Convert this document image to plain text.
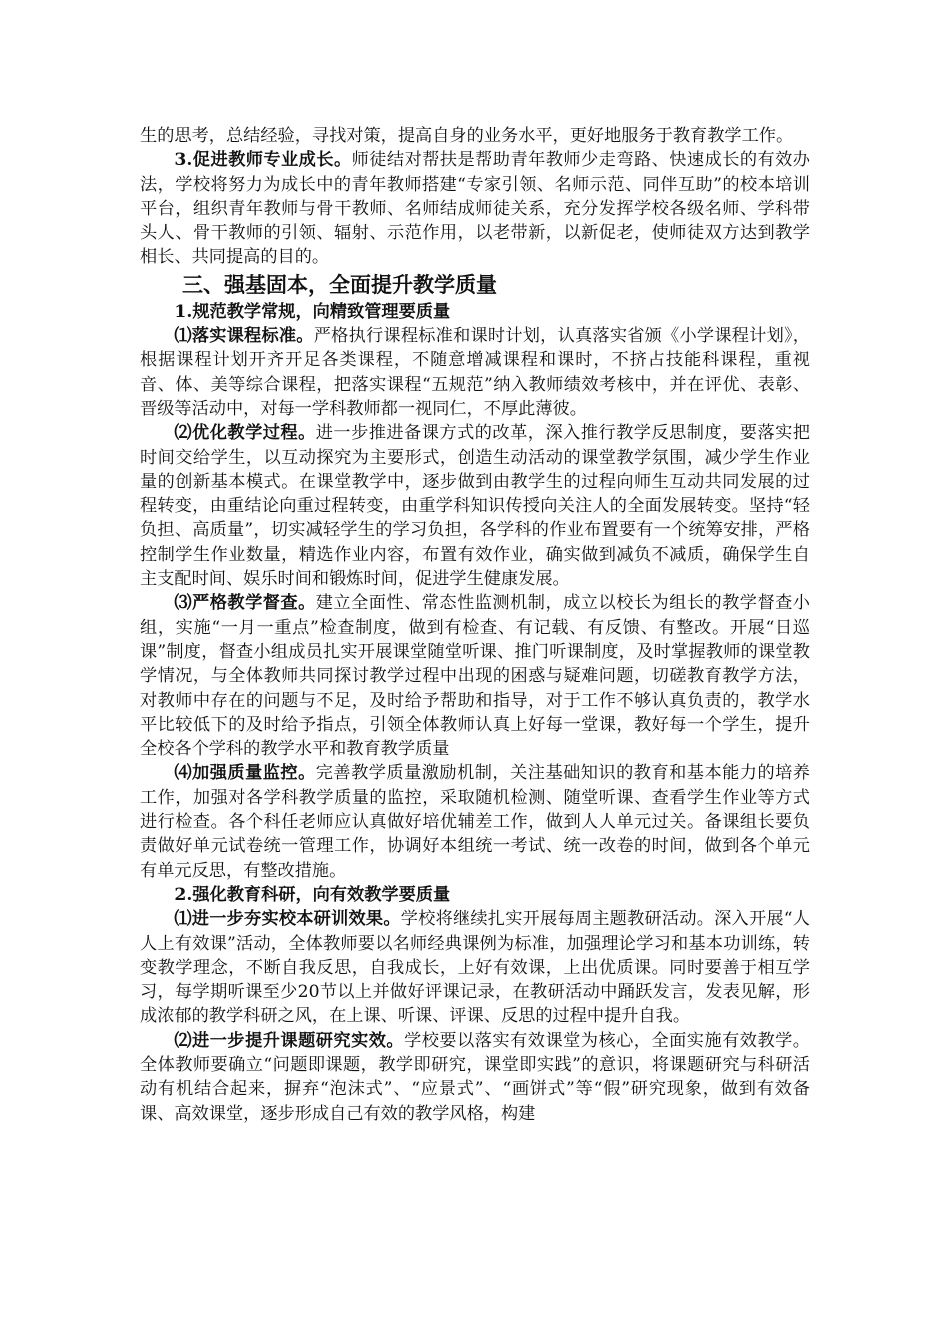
生的思考，总结经验，寻找对策，提高自身的业务水平，更好地服务于教育教学工作。

3.促进教师专业成长。师徒结对帮扶是帮助青年教师少走弯路、快速成长的有效办法，学校将努力为成长中的青年教师搭建“专家引领、名师示范、同伴互助”的校本培训平台，组织青年教师与骨干教师、名师结成师徒关系，充分发挥学校各级名师、学科带头人、骨干教师的引领、辐射、示范作用，以老带新，以新促老，使师徒双方达到教学相长、共同提高的目的。

三、强基固本，全面提升教学质量

1.规范教学常规，向精致管理要质量

⑴落实课程标准。严格执行课程标准和课时计划，认真落实省颁《小学课程计划》，根据课程计划开齐开足各类课程，不随意增减课程和课时，不挤占技能科课程，重视音、体、美等综合课程，把落实课程“五规范”纳入教师绩效考核中，并在评优、表彰、晋级等活动中，对每一学科教师都一视同仁，不厚此薄彼。

⑵优化教学过程。进一步推进备课方式的改革，深入推行教学反思制度，要落实把时间交给学生，以互动探究为主要形式，创造生动活动的课堂教学氛围，减少学生作业量的创新基本模式。在课堂教学中，逐步做到由教学生的过程向师生互动共同发展的过程转变，由重结论向重过程转变，由重学科知识传授向关注人的全面发展转变。坚持“轻负担、高质量”，切实减轻学生的学习负担，各学科的作业布置要有一个统筹安排，严格控制学生作业数量，精选作业内容，布置有效作业，确实做到减负不减质，确保学生自主支配时间、娱乐时间和锻炼时间，促进学生健康发展。

⑶严格教学督查。建立全面性、常态性监测机制，成立以校长为组长的教学督查小组，实施“一月一重点”检查制度，做到有检查、有记载、有反馈、有整改。开展“日巡课”制度，督查小组成员扎实开展课堂随堂听课、推门听课制度，及时掌握教师的课堂教学情况，与全体教师共同探讨教学过程中出现的困惑与疑难问题，切磋教育教学方法，对教师中存在的问题与不足，及时给予帮助和指导，对于工作不够认真负责的，教学水平比较低下的及时给予指点，引领全体教师认真上好每一堂课，教好每一个学生，提升全校各个学科的教学水平和教育教学质量

⑷加强质量监控。完善教学质量激励机制，关注基础知识的教育和基本能力的培养工作，加强对各学科教学质量的监控，采取随机检测、随堂听课、查看学生作业等方式进行检查。各个科任老师应认真做好培优辅差工作，做到人人单元过关。备课组长要负责做好单元试卷统一管理工作，协调好本组统一考试、统一改卷的时间，做到各个单元有单元反思，有整改措施。

2.强化教育科研，向有效教学要质量

⑴进一步夯实校本研训效果。学校将继续扎实开展每周主题教研活动。深入开展“人人上有效课”活动，全体教师要以名师经典课例为标准，加强理论学习和基本功训练，转变教学理念，不断自我反思，自我成长，上好有效课，上出优质课。同时要善于相互学习，每学期听课至少20节以上并做好评课记录，在教研活动中踊跃发言，发表见解，形成浓郁的教学科研之风，在上课、听课、评课、反思的过程中提升自我。

⑵进一步提升课题研究实效。学校要以落实有效课堂为核心，全面实施有效教学。全体教师要确立“问题即课题，教学即研究，课堂即实践”的意识，将课题研究与科研活动有机结合起来，摒弃“泡沫式”、“应景式”、“画饼式”等“假”研究现象，做到有效备课、高效课堂，逐步形成自己有效的教学风格，构建
